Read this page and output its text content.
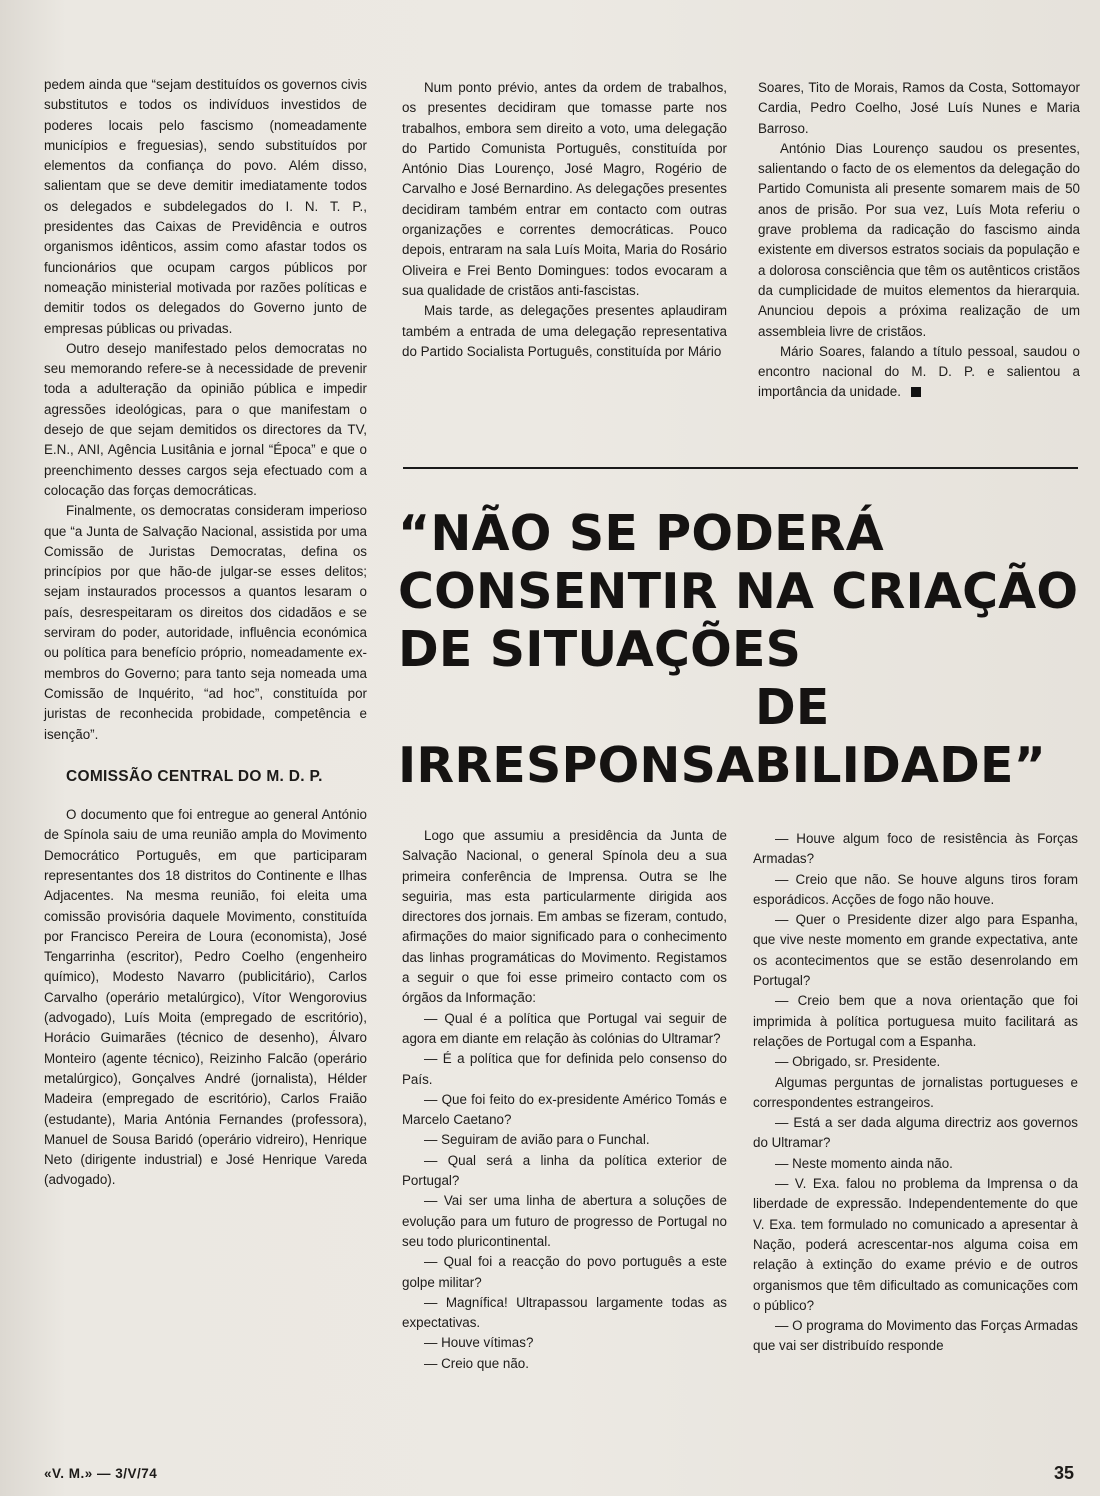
pedem ainda que “sejam destituídos os governos civis substitutos e todos os indivíduos investidos de poderes locais pelo fascismo (nomeadamente municípios e freguesias), sendo substituídos por elementos da confiança do povo. Além disso, salientam que se deve demitir imediatamente todos os delegados e subdelegados do I. N. T. P., presidentes das Caixas de Previdência e outros organismos idênticos, assim como afastar todos os funcionários que ocupam cargos públicos por nomeação ministerial motivada por razões políticas e demitir todos os delegados do Governo junto de empresas públicas ou privadas.

Outro desejo manifestado pelos democratas no seu memorando refere-se à necessidade de prevenir toda a adulteração da opinião pública e impedir agressões ideológicas, para o que manifestam o desejo de que sejam demitidos os directores da TV, E.N., ANI, Agência Lusitânia e jornal “Época” e que o preenchimento desses cargos seja efectuado com a colocação das forças democráticas.

Finalmente, os democratas consideram imperioso que “a Junta de Salvação Nacional, assistida por uma Comissão de Juristas Democratas, defina os princípios por que hão-de julgar-se esses delitos; sejam instaurados processos a quantos lesaram o país, desrespeitaram os direitos dos cidadãos e se serviram do poder, autoridade, influência económica ou política para benefício próprio, nomeadamente ex-membros do Governo; para tanto seja nomeada uma Comissão de Inquérito, “ad hoc”, constituída por juristas de reconhecida probidade, competência e isenção”.

COMISSÃO CENTRAL DO M. D. P.

O documento que foi entregue ao general António de Spínola saiu de uma reunião ampla do Movimento Democrático Português, em que participaram representantes dos 18 distritos do Continente e Ilhas Adjacentes. Na mesma reunião, foi eleita uma comissão provisória daquele Movimento, constituída por Francisco Pereira de Loura (economista), José Tengarrinha (escritor), Pedro Coelho (engenheiro químico), Modesto Navarro (publicitário), Carlos Carvalho (operário metalúrgico), Vítor Wengorovius (advogado), Luís Moita (empregado de escritório), Horácio Guimarães (técnico de desenho), Álvaro Monteiro (agente técnico), Reizinho Falcão (operário metalúrgico), Gonçalves André (jornalista), Hélder Madeira (empregado de escritório), Carlos Fraião (estudante), Maria Antónia Fernandes (professora), Manuel de Sousa Baridó (operário vidreiro), Henrique Neto (dirigente industrial) e José Henrique Vareda (advogado).

Num ponto prévio, antes da ordem de trabalhos, os presentes decidiram que tomasse parte nos trabalhos, embora sem direito a voto, uma delegação do Partido Comunista Português, constituída por António Dias Lourenço, José Magro, Rogério de Carvalho e José Bernardino. As delegações presentes decidiram também entrar em contacto com outras organizações e correntes democráticas. Pouco depois, entraram na sala Luís Moita, Maria do Rosário Oliveira e Frei Bento Domingues: todos evocaram a sua qualidade de cristãos anti-fascistas.

Mais tarde, as delegações presentes aplaudiram também a entrada de uma delegação representativa do Partido Socialista Português, constituída por Mário

Soares, Tito de Morais, Ramos da Costa, Sottomayor Cardia, Pedro Coelho, José Luís Nunes e Maria Barroso.

António Dias Lourenço saudou os presentes, salientando o facto de os elementos da delegação do Partido Comunista ali presente somarem mais de 50 anos de prisão. Por sua vez, Luís Mota referiu o grave problema da radicação do fascismo ainda existente em diversos estratos sociais da população e a dolorosa consciência que têm os autênticos cristãos da cumplicidade de muitos elementos da hierarquia. Anunciou depois a próxima realização de um assembleia livre de cristãos.

Mário Soares, falando a título pessoal, saudou o encontro nacional do M. D. P. e salientou a importância da unidade.

“NÃO SE PODERÁ
CONSENTIR NA CRIAÇÃO
DE SITUAÇÕES
DE
IRRESPONSABILIDADE”

Logo que assumiu a presidência da Junta de Salvação Nacional, o general Spínola deu a sua primeira conferência de Imprensa. Outra se lhe seguiria, mas esta particularmente dirigida aos directores dos jornais. Em ambas se fizeram, contudo, afirmações do maior significado para o conhecimento das linhas programáticas do Movimento. Registamos a seguir o que foi esse primeiro contacto com os órgãos da Informação:

— Qual é a política que Portugal vai seguir de agora em diante em relação às colónias do Ultramar?

— É a política que for definida pelo consenso do País.

— Que foi feito do ex-presidente Américo Tomás e Marcelo Caetano?

— Seguiram de avião para o Funchal.

— Qual será a linha da política exterior de Portugal?

— Vai ser uma linha de abertura a soluções de evolução para um futuro de progresso de Portugal no seu todo pluricontinental.

— Qual foi a reacção do povo português a este golpe militar?

— Magnífica! Ultrapassou largamente todas as expectativas.

— Houve vítimas?

— Creio que não.

— Houve algum foco de resistência às Forças Armadas?

— Creio que não. Se houve alguns tiros foram esporádicos. Acções de fogo não houve.

— Quer o Presidente dizer algo para Espanha, que vive neste momento em grande expectativa, ante os acontecimentos que se estão desenrolando em Portugal?

— Creio bem que a nova orientação que foi imprimida à política portuguesa muito facilitará as relações de Portugal com a Espanha.

— Obrigado, sr. Presidente.

Algumas perguntas de jornalistas portugueses e correspondentes estrangeiros.

— Está a ser dada alguma directriz aos governos do Ultramar?

— Neste momento ainda não.

— V. Exa. falou no problema da Imprensa o da liberdade de expressão. Independentemente do que V. Exa. tem formulado no comunicado a apresentar à Nação, poderá acrescentar-nos alguma coisa em relação à extinção do exame prévio e de outros organismos que têm dificultado as comunicações com o público?

— O programa do Movimento das Forças Armadas que vai ser distribuído responde

«V. M.» — 3/V/74	35
